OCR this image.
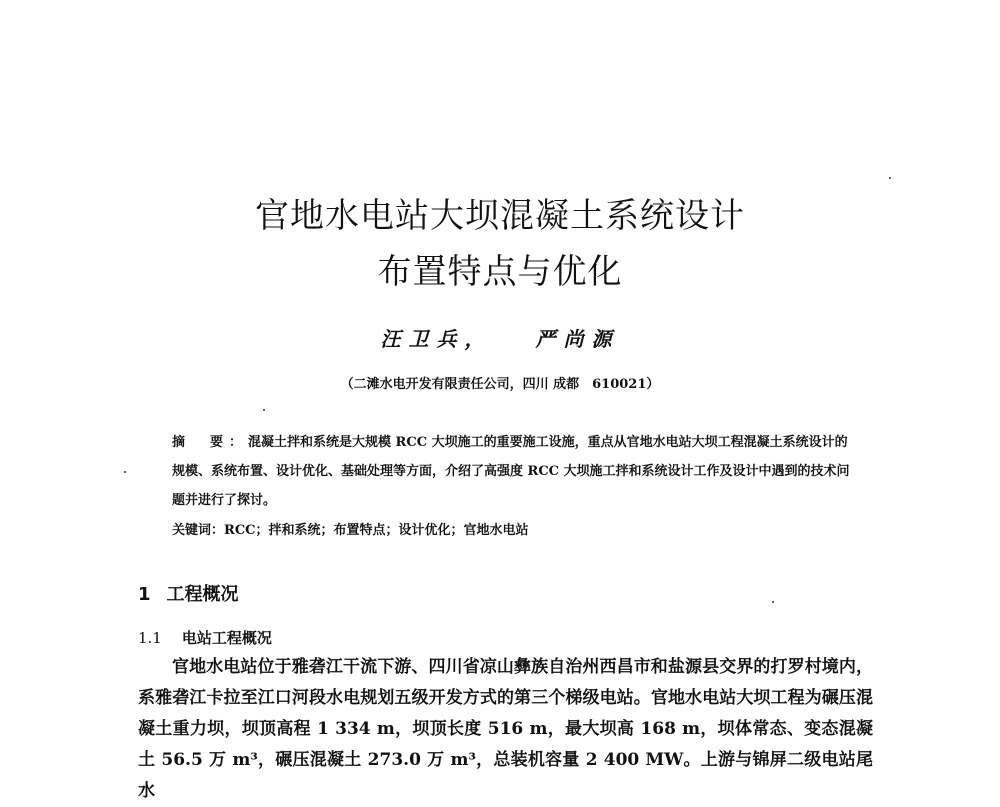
官地水电站大坝混凝土系统设计
布置特点与优化
汪卫兵， 严尚源
（二滩水电开发有限责任公司，四川 成都　610021）

摘　要：混凝土拌和系统是大规模 RCC 大坝施工的重要施工设施，重点从官地水电站大坝工程混凝土系统设计的规模、系统布置、设计优化、基础处理等方面，介绍了高强度 RCC 大坝施工拌和系统设计工作及设计中遇到的技术问题并进行了探讨。

关键词：RCC；拌和系统；布置特点；设计优化；官地水电站
1 工程概况
1.1 电站工程概况

官地水电站位于雅砻江干流下游、四川省凉山彝族自治州西昌市和盐源县交界的打罗村境内，系雅砻江卡拉至江口河段水电规划五级开发方式的第三个梯级电站。官地水电站大坝工程为碾压混凝土重力坝，坝顶高程 1 334 m，坝顶长度 516 m，最大坝高 168 m，坝体常态、变态混凝土 56.5 万 m³，碾压混凝土 273.0 万 m³，总装机容量 2 400 MW。上游与锦屏二级电站尾水
